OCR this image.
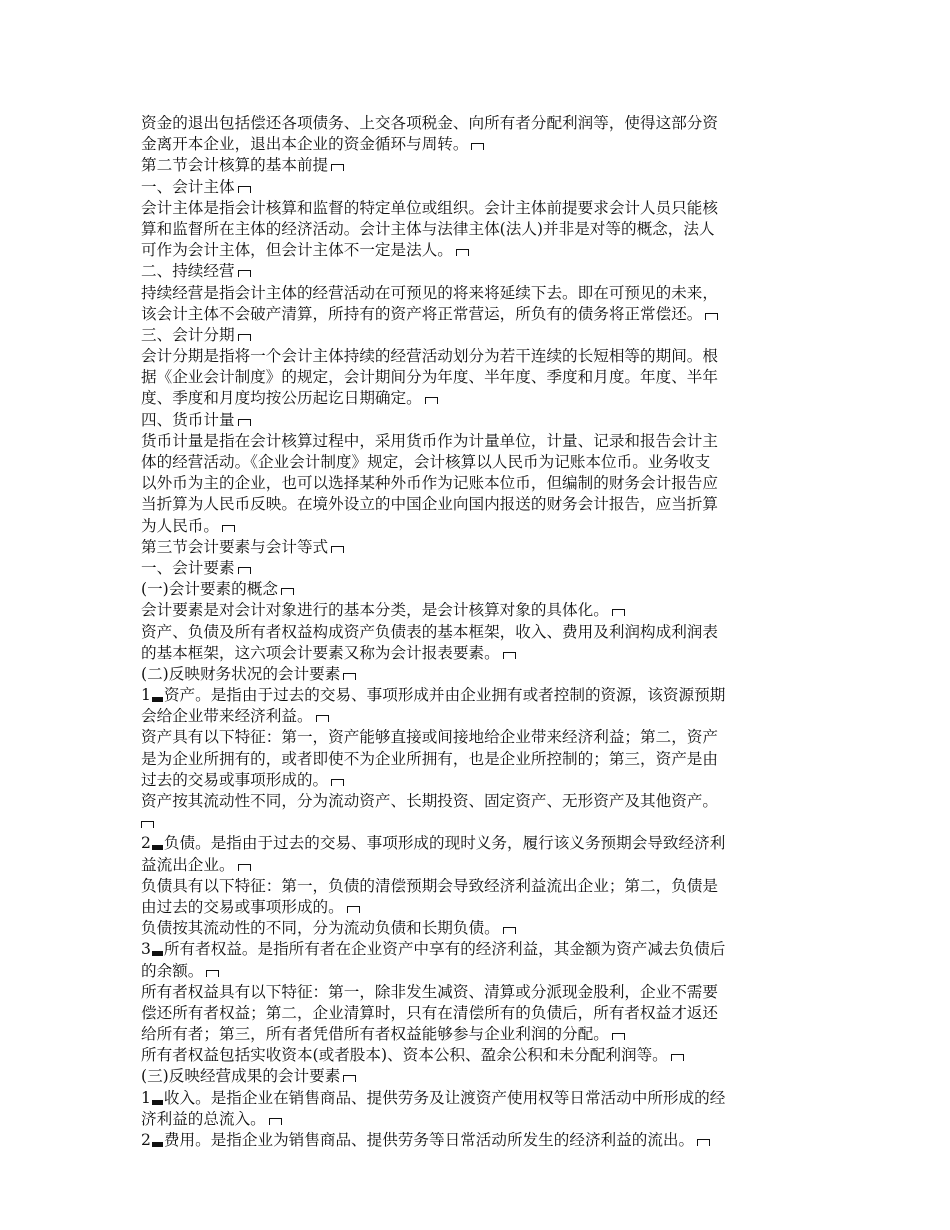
资金的退出包括偿还各项债务、上交各项税金、向所有者分配利润等，使得这部分资
金离开本企业，退出本企业的资金循环与周转。
第二节会计核算的基本前提
一、会计主体
会计主体是指会计核算和监督的特定单位或组织。会计主体前提要求会计人员只能核
算和监督所在主体的经济活动。会计主体与法律主体(法人)并非是对等的概念，法人
可作为会计主体，但会计主体不一定是法人。
二、持续经营
持续经营是指会计主体的经营活动在可预见的将来将延续下去。即在可预见的未来，
该会计主体不会破产清算，所持有的资产将正常营运，所负有的债务将正常偿还。
三、会计分期
会计分期是指将一个会计主体持续的经营活动划分为若干连续的长短相等的期间。根
据《企业会计制度》的规定，会计期间分为年度、半年度、季度和月度。年度、半年
度、季度和月度均按公历起讫日期确定。
四、货币计量
货币计量是指在会计核算过程中，采用货币作为计量单位，计量、记录和报告会计主
体的经营活动。《企业会计制度》规定，会计核算以人民币为记账本位币。业务收支
以外币为主的企业，也可以选择某种外币作为记账本位币，但编制的财务会计报告应
当折算为人民币反映。在境外设立的中国企业向国内报送的财务会计报告，应当折算
为人民币。
第三节会计要素与会计等式
一、会计要素
(一)会计要素的概念
会计要素是对会计对象进行的基本分类，是会计核算对象的具体化。
资产、负债及所有者权益构成资产负债表的基本框架，收入、费用及利润构成利润表
的基本框架，这六项会计要素又称为会计报表要素。
(二)反映财务状况的会计要素
1 资产。是指由于过去的交易、事项形成并由企业拥有或者控制的资源，该资源预期
会给企业带来经济利益。
资产具有以下特征：第一，资产能够直接或间接地给企业带来经济利益；第二，资产
是为企业所拥有的，或者即使不为企业所拥有，也是企业所控制的；第三，资产是由
过去的交易或事项形成的。
资产按其流动性不同，分为流动资产、长期投资、固定资产、无形资产及其他资产。
2 负债。是指由于过去的交易、事项形成的现时义务，履行该义务预期会导致经济利
益流出企业。
负债具有以下特征：第一，负债的清偿预期会导致经济利益流出企业；第二，负债是
由过去的交易或事项形成的。
负债按其流动性的不同，分为流动负债和长期负债。
3 所有者权益。是指所有者在企业资产中享有的经济利益，其金额为资产减去负债后
的余额。
所有者权益具有以下特征：第一，除非发生减资、清算或分派现金股利，企业不需要
偿还所有者权益；第二，企业清算时，只有在清偿所有的负债后，所有者权益才返还
给所有者；第三，所有者凭借所有者权益能够参与企业利润的分配。
所有者权益包括实收资本(或者股本)、资本公积、盈余公积和未分配利润等。
(三)反映经营成果的会计要素
1 收入。是指企业在销售商品、提供劳务及让渡资产使用权等日常活动中所形成的经
济利益的总流入。
2 费用。是指企业为销售商品、提供劳务等日常活动所发生的经济利益的流出。
